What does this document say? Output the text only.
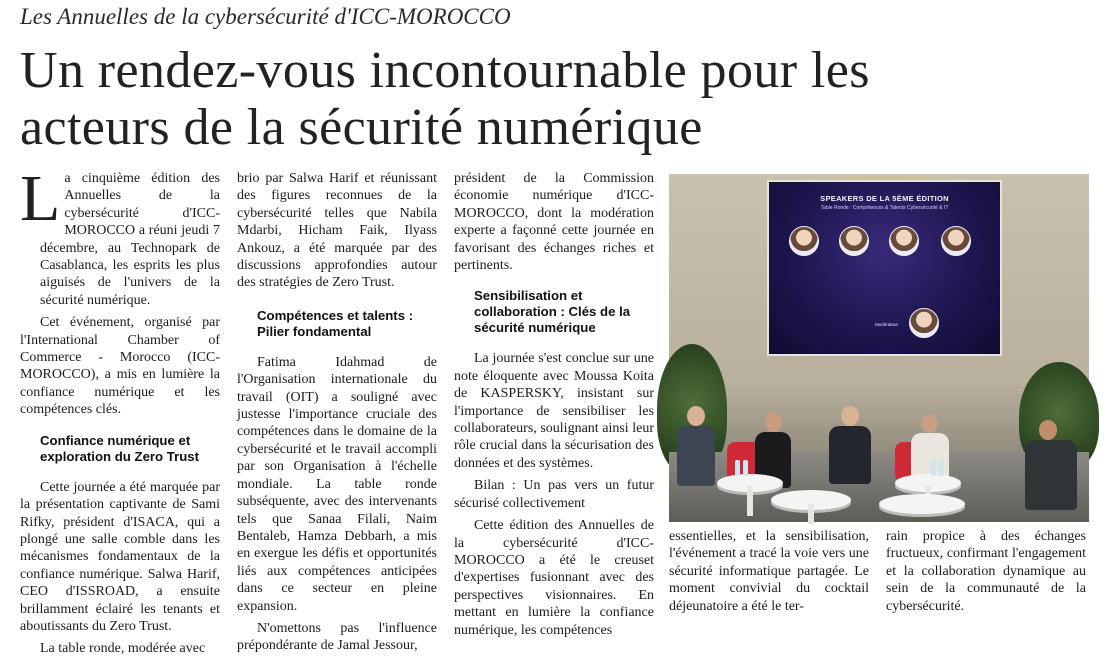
Les Annuelles de la cybersécurité d'ICC-MOROCCO
Un rendez-vous incontournable pour les
acteurs de la sécurité numérique

La cinquième édition des Annuelles de la cybersécurité d'ICC-MOROCCO a réuni jeudi 7 décembre, au Technopark de Casablanca, les esprits les plus aiguisés de l'univers de la sécurité numérique.

Cet événement, organisé par l'International Chamber of Commerce - Morocco (ICC-MOROCCO), a mis en lumière la confiance numérique et les compétences clés.

Confiance numérique et exploration du Zero Trust

Cette journée a été marquée par la présentation captivante de Sami Rifky, président d'ISACA, qui a plongé une salle comble dans les mécanismes fondamentaux de la confiance numérique. Salwa Harif, CEO d'ISSROAD, a ensuite brillamment éclairé les tenants et aboutissants du Zero Trust.

La table ronde, modérée avec

brio par Salwa Harif et réunissant des figures reconnues de la cybersécurité telles que Nabila Mdarbi, Hicham Faik, Ilyass Ankouz, a été marquée par des discussions approfondies autour des stratégies de Zero Trust.

Compétences et talents : Pilier fondamental

Fatima Idahmad de l'Organisation internationale du travail (OIT) a souligné avec justesse l'importance cruciale des compétences dans le domaine de la cybersécurité et le travail accompli par son Organisation à l'échelle mondiale. La table ronde subséquente, avec des intervenants tels que Sanaa Filali, Naim Bentaleb, Hamza Debbarh, a mis en exergue les défis et opportunités liés aux compétences anticipées dans ce secteur en pleine expansion.

N'omettons pas l'influence prépondérante de Jamal Jessour,

président de la Commission économie numérique d'ICC-MOROCCO, dont la modération experte a façonné cette journée en favorisant des échanges riches et pertinents.

Sensibilisation et collaboration : Clés de la sécurité numérique

La journée s'est conclue sur une note éloquente avec Moussa Koita de KASPERSKY, insistant sur l'importance de sensibiliser les collaborateurs, soulignant ainsi leur rôle crucial dans la sécurisation des données et des systèmes.

Bilan : Un pas vers un futur sécurisé collectivement

Cette édition des Annuelles de la cybersécurité d'ICC-MOROCCO a été le creuset d'expertises fusionnant avec des perspectives visionnaires. En mettant en lumière la confiance numérique, les compétences

SPEAKERS DE LA 5ÈME ÉDITION
Table Ronde : Compétences & Talents Cybersécurité & IT
Modérateur

essentielles, et la sensibilisation, l'événement a tracé la voie vers une sécurité informatique partagée. Le moment convivial du cocktail déjeunatoire a été le ter-

rain propice à des échanges fructueux, confirmant l'engagement et la collaboration dynamique au sein de la communauté de la cybersécurité.
